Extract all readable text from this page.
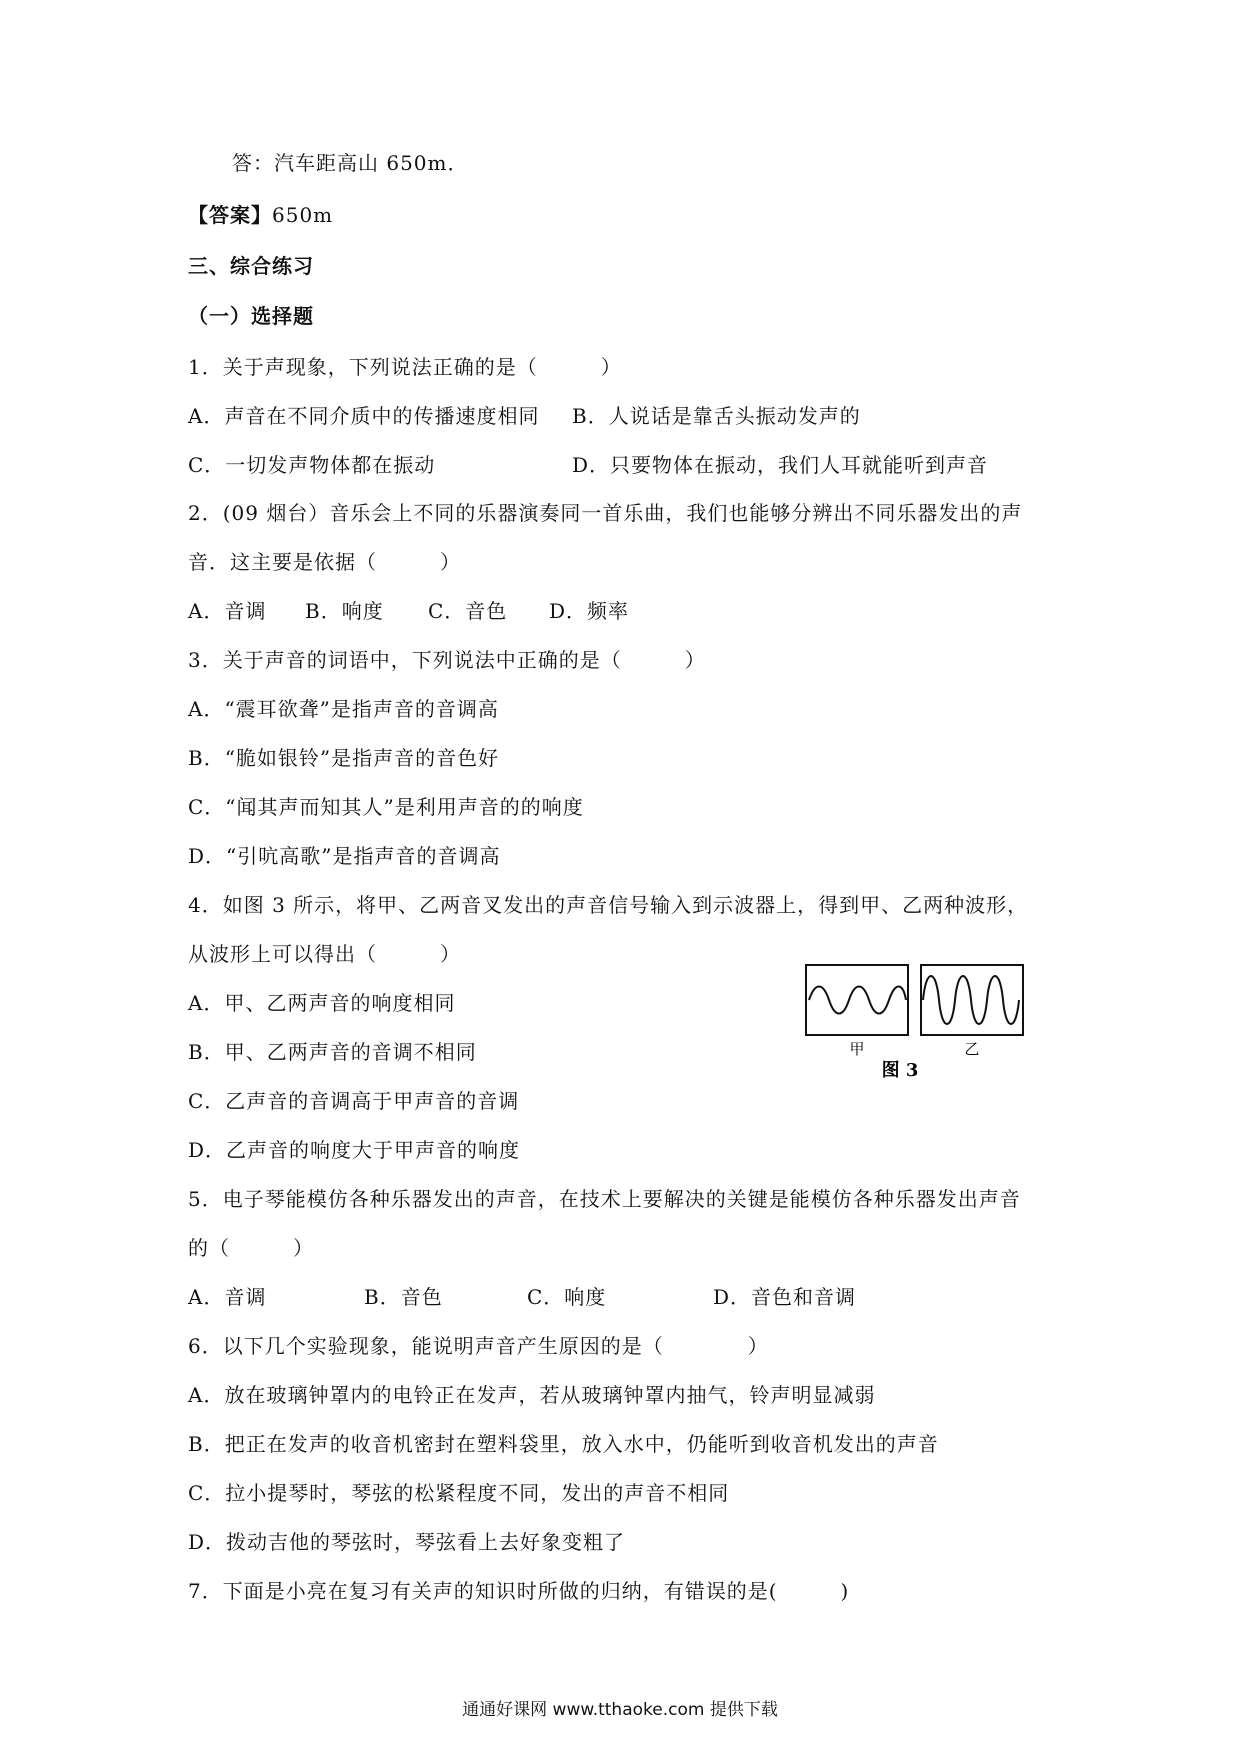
答：汽车距高山 650m．
【答案】650m
三、综合练习
（一）选择题
1．关于声现象，下列说法正确的是（　　　）
A．声音在不同介质中的传播速度相同 B．人说话是靠舌头振动发声的
C．一切发声物体都在振动	D．只要物体在振动，我们人耳就能听到声音
2．(09 烟台）音乐会上不同的乐器演奏同一首乐曲，我们也能够分辨出不同乐器发出的声
音．这主要是依据（　　　）
A．音调 B．响度 C．音色 D．频率
3．关于声音的词语中，下列说法中正确的是（　　　）
A．“震耳欲聋”是指声音的音调高
B．“脆如银铃”是指声音的音色好
C．“闻其声而知其人”是利用声音的的响度
D．“引吭高歌”是指声音的音调高
4．如图 3 所示，将甲、乙两音叉发出的声音信号输入到示波器上，得到甲、乙两种波形，
从波形上可以得出（　　　）
A．甲、乙两声音的响度相同
B．甲、乙两声音的音调不相同
C．乙声音的音调高于甲声音的音调
D．乙声音的响度大于甲声音的响度
甲	乙
图 3
5．电子琴能模仿各种乐器发出的声音，在技术上要解决的关键是能模仿各种乐器发出声音
的（　　　）
A．音调	B．音色	C．响度	D．音色和音调
6．以下几个实验现象，能说明声音产生原因的是（　　　　）
A．放在玻璃钟罩内的电铃正在发声，若从玻璃钟罩内抽气，铃声明显减弱
B．把正在发声的收音机密封在塑料袋里，放入水中，仍能听到收音机发出的声音
C．拉小提琴时，琴弦的松紧程度不同，发出的声音不相同
D．拨动吉他的琴弦时，琴弦看上去好象变粗了
7．下面是小亮在复习有关声的知识时所做的归纳，有错误的是(　　　)
通通好课网 www.tthaoke.com 提供下载
